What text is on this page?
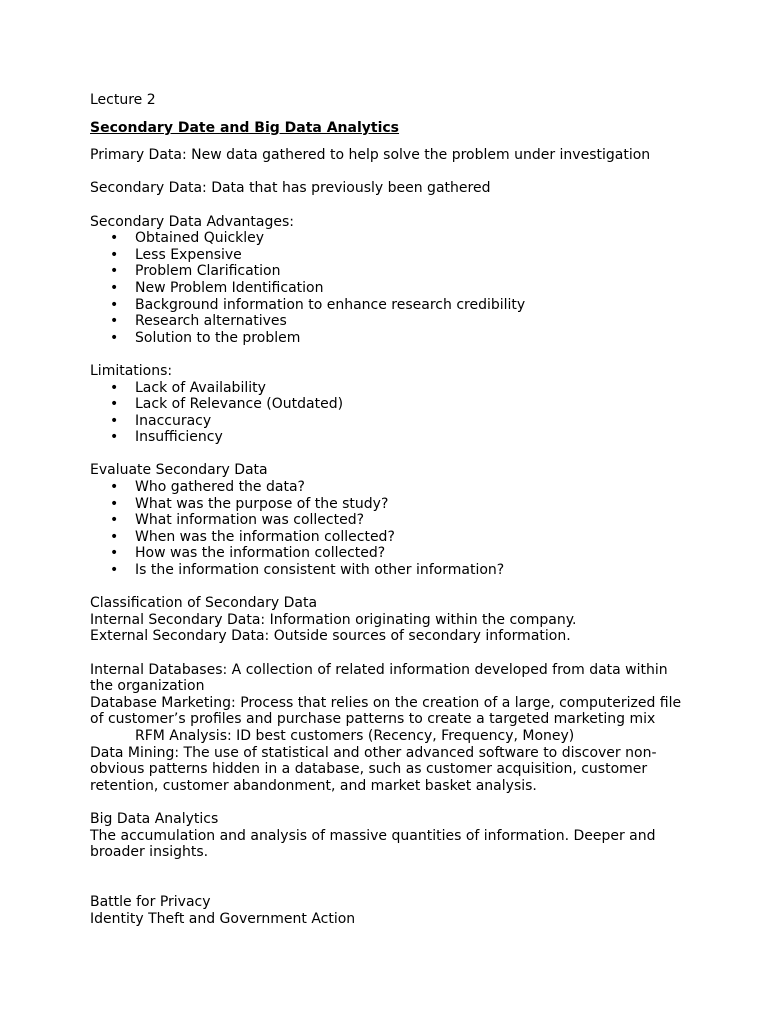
Lecture 2

Secondary Date and Big Data Analytics

Primary Data: New data gathered to help solve the problem under investigation

Secondary Data: Data that has previously been gathered

Secondary Data Advantages:

• Obtained Quickley
• Less Expensive
• Problem Clarification
• New Problem Identification
• Background information to enhance research credibility
• Research alternatives
• Solution to the problem

Limitations:

• Lack of Availability
• Lack of Relevance (Outdated)
• Inaccuracy
• Insufficiency

Evaluate Secondary Data

• Who gathered the data?
• What was the purpose of the study?
• What information was collected?
• When was the information collected?
• How was the information collected?
• Is the information consistent with other information?

Classification of Secondary Data

Internal Secondary Data: Information originating within the company.

External Secondary Data: Outside sources of secondary information.

Internal Databases: A collection of related information developed from data within the organization

Database Marketing: Process that relies on the creation of a large, computerized file of customer’s profiles and purchase patterns to create a targeted marketing mix

RFM Analysis: ID best customers (Recency, Frequency, Money)

Data Mining: The use of statistical and other advanced software to discover non-obvious patterns hidden in a database, such as customer acquisition, customer retention, customer abandonment, and market basket analysis.

Big Data Analytics

The accumulation and analysis of massive quantities of information. Deeper and broader insights.

Battle for Privacy

Identity Theft and Government Action
